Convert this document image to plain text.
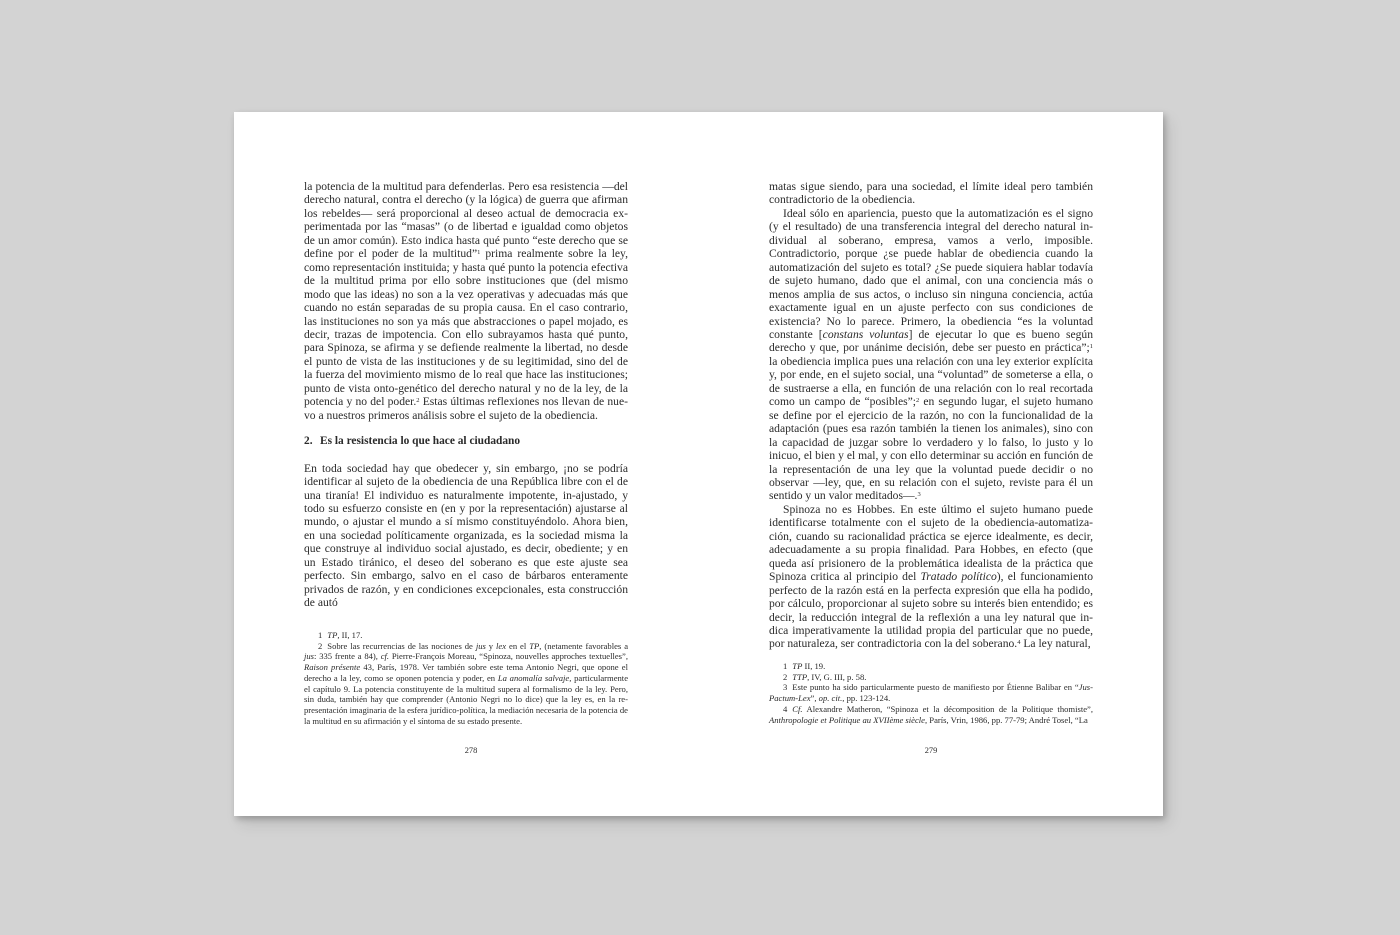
la potencia de la multitud para defenderlas. Pero esa resistencia —del derecho natural, contra el derecho (y la lógica) de guerra que afirman los rebeldes— será proporcional al deseo actual de democracia experimentada por las “masas” (o de libertad e igualdad como objetos de un amor común). Esto indica hasta qué punto “este derecho que se define por el poder de la multitud”$^1$ prima realmente sobre la ley, como representación instituida; y hasta qué punto la potencia efectiva de la multitud prima por ello sobre instituciones que (del mismo modo que las ideas) no son a la vez operativas y adecuadas más que cuando no están separadas de su propia causa. En el caso contrario, las instituciones no son ya más que abstracciones o papel mojado, es decir, trazas de impotencia. Con ello subrayamos hasta qué punto, para Spinoza, se afirma y se defiende realmente la libertad, no desde el punto de vista de las instituciones y de su legitimidad, sino del de la fuerza del movimiento mismo de lo real que hace las instituciones; punto de vista onto-genético del derecho natural y no de la ley, de la potencia y no del poder.$^2$ Estas últimas reflexiones nos llevan de nuevo a nuestros primeros análisis sobre el sujeto de la obediencia.

2. Es la resistencia lo que hace al ciudadano

En toda sociedad hay que obedecer y, sin embargo, ¡no se podría identificar al sujeto de la obediencia de una República libre con el de una tiranía! El individuo es naturalmente impotente, in-ajustado, y todo su esfuerzo consiste en (en y por la representación) ajustarse al mundo, o ajustar el mundo a sí mismo constituyéndolo. Ahora bien, en una sociedad políticamente organizada, es la sociedad misma la que construye al individuo social ajustado, es decir, obediente; y en un Estado tiránico, el deseo del soberano es que este ajuste sea perfecto. Sin embargo, salvo en el caso de bárbaros enteramente privados de razón, y en condiciones excepcionales, esta construcción de autó

1 TP, II, 17.

2 Sobre las recurrencias de las nociones de jus y lex en el TP, (netamente favorables a jus: 335 frente a 84), cf. Pierre-François Moreau, “Spinoza, nouvelles approches textuelles”, Raison présente 43, París, 1978. Ver también sobre este tema Antonio Negri, que opone el derecho a la ley, como se oponen potencia y poder, en La anomalía salvaje, particularmente el capítulo 9. La potencia constituyente de la multitud supera al formalismo de la ley. Pero, sin duda, también hay que comprender (Antonio Negri no lo dice) que la ley es, en la representación imaginaria de la esfera jurídico-política, la mediación necesaria de la potencia de la multitud en su afirmación y el síntoma de su estado presente.

278

matas sigue siendo, para una sociedad, el límite ideal pero también contradictorio de la obediencia.

Ideal sólo en apariencia, puesto que la automatización es el signo (y el resultado) de una transferencia integral del derecho natural individual al soberano, empresa, vamos a verlo, imposible. Contradictorio, porque ¿se puede hablar de obediencia cuando la automatización del sujeto es total? ¿Se puede siquiera hablar todavía de sujeto humano, dado que el animal, con una conciencia más o menos amplia de sus actos, o incluso sin ninguna conciencia, actúa exactamente igual en un ajuste perfecto con sus condiciones de existencia? No lo parece. Primero, la obediencia “es la voluntad constante [constans voluntas] de ejecutar lo que es bueno según derecho y que, por unánime decisión, debe ser puesto en práctica”;$^1$ la obediencia implica pues una relación con una ley exterior explícita y, por ende, en el sujeto social, una “voluntad” de someterse a ella, o de sustraerse a ella, en función de una relación con lo real recortada como un campo de “posibles”;$^2$ en segundo lugar, el sujeto humano se define por el ejercicio de la razón, no con la funcionalidad de la adaptación (pues esa razón también la tienen los animales), sino con la capacidad de juzgar sobre lo verdadero y lo falso, lo justo y lo inicuo, el bien y el mal, y con ello determinar su acción en función de la representación de una ley que la voluntad puede decidir o no observar —ley, que, en su relación con el sujeto, reviste para él un sentido y un valor meditados—.$^3$

Spinoza no es Hobbes. En este último el sujeto humano puede identificarse totalmente con el sujeto de la obediencia-automatización, cuando su racionalidad práctica se ejerce idealmente, es decir, adecuadamente a su propia finalidad. Para Hobbes, en efecto (que queda así prisionero de la problemática idealista de la práctica que Spinoza critica al principio del Tratado político), el funcionamiento perfecto de la razón está en la perfecta expresión que ella ha podido, por cálculo, proporcionar al sujeto sobre su interés bien entendido; es decir, la reducción integral de la reflexión a una ley natural que indica imperativamente la utilidad propia del particular que no puede, por naturaleza, ser contradictoria con la del soberano.$^4$ La ley natural,

1 TP II, 19.

2 TTP, IV, G. III, p. 58.

3 Este punto ha sido particularmente puesto de manifiesto por Étienne Balibar en “Jus-Pactum-Lex”, op. cit., pp. 123-124.

4 Cf. Alexandre Matheron, “Spinoza et la décomposition de la Politique thomiste”, Anthropologie et Politique au XVIIème siècle, París, Vrin, 1986, pp. 77-79; André Tosel, “La

279
